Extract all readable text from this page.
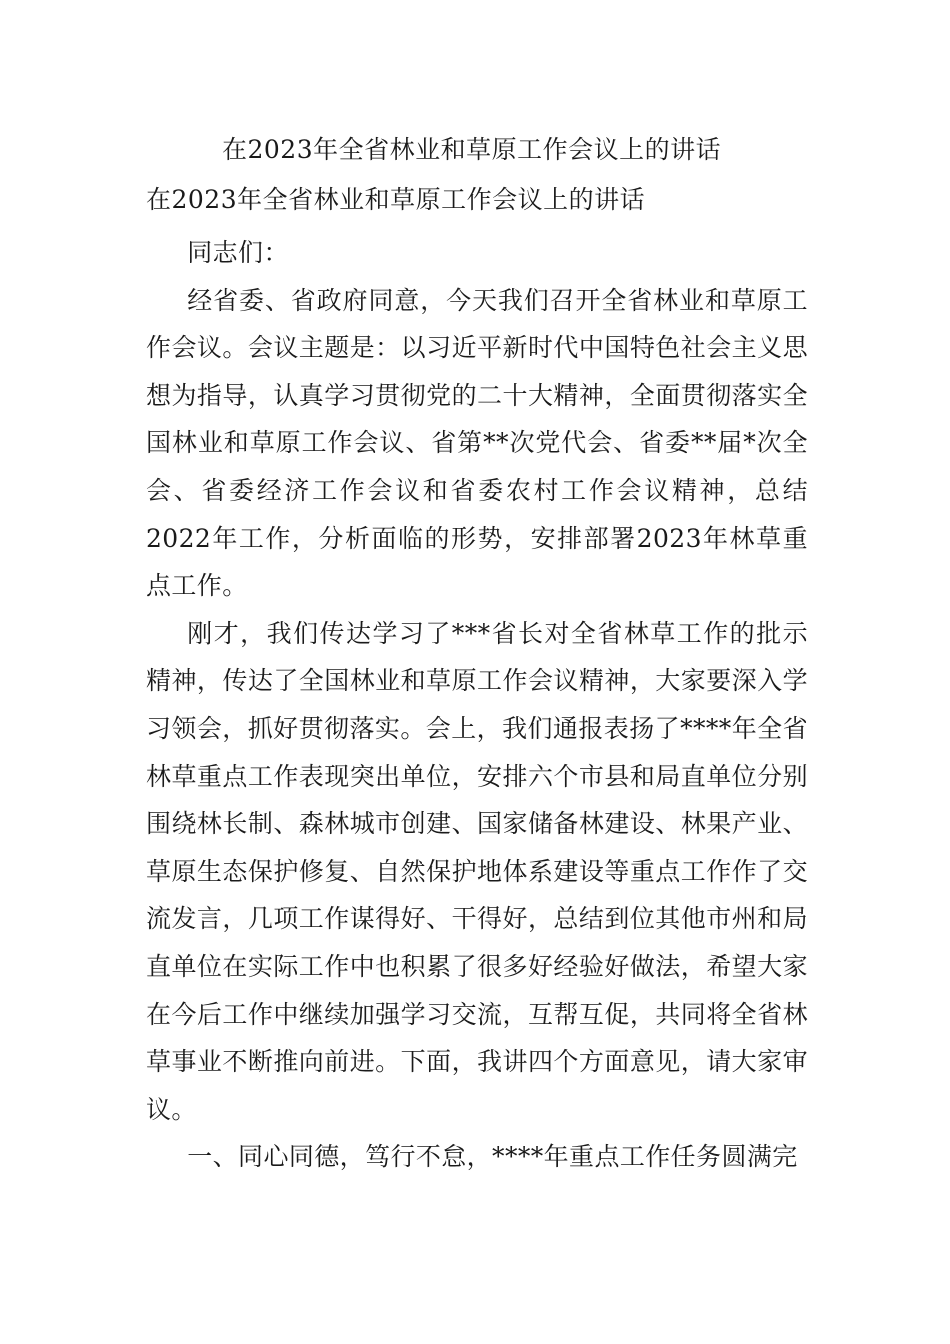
在2023年全省林业和草原工作会议上的讲话
在2023年全省林业和草原工作会议上的讲话

同志们：

经省委、省政府同意，今天我们召开全省林业和草原工作会议。会议主题是：以习近平新时代中国特色社会主义思想为指导，认真学习贯彻党的二十大精神，全面贯彻落实全国林业和草原工作会议、省第**次党代会、省委**届*次全会、省委经济工作会议和省委农村工作会议精神，总结2022年工作，分析面临的形势，安排部署2023年林草重点工作。

刚才，我们传达学习了***省长对全省林草工作的批示精神，传达了全国林业和草原工作会议精神，大家要深入学习领会，抓好贯彻落实。会上，我们通报表扬了****年全省林草重点工作表现突出单位，安排六个市县和局直单位分别围绕林长制、森林城市创建、国家储备林建设、林果产业、草原生态保护修复、自然保护地体系建设等重点工作作了交流发言，几项工作谋得好、干得好，总结到位其他市州和局直单位在实际工作中也积累了很多好经验好做法，希望大家在今后工作中继续加强学习交流，互帮互促，共同将全省林草事业不断推向前进。下面，我讲四个方面意见，请大家审议。

一、同心同德，笃行不怠，****年重点工作任务圆满完
